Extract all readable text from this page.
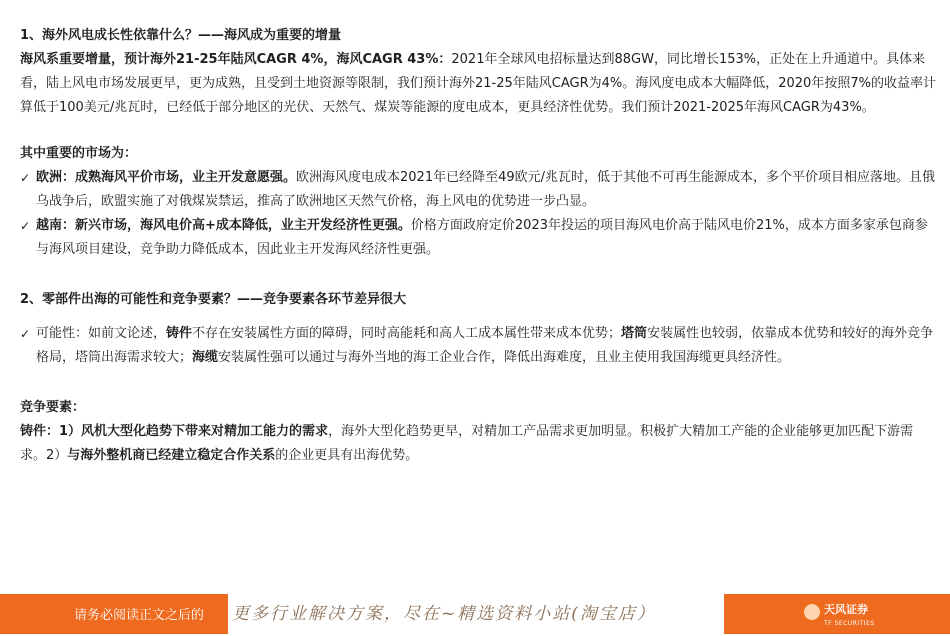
1、海外风电成长性依靠什么？——海风成为重要的增量

海风系重要增量，预计海外21-25年陆风CAGR 4%，海风CAGR 43%：2021年全球风电招标量达到88GW，同比增长153%，正处在上升通道中。具体来看，陆上风电市场发展更早，更为成熟，且受到土地资源等限制，我们预计海外21-25年陆风CAGR为4%。海风度电成本大幅降低，2020年按照7%的收益率计算低于100美元/兆瓦时，已经低于部分地区的光伏、天然气、煤炭等能源的度电成本，更具经济性优势。我们预计2021-2025年海风CAGR为43%。

其中重要的市场为：

✓ 欧洲：成熟海风平价市场，业主开发意愿强。欧洲海风度电成本2021年已经降至49欧元/兆瓦时，低于其他不可再生能源成本，多个平价项目相应落地。且俄乌战争后，欧盟实施了对俄煤炭禁运，推高了欧洲地区天然气价格，海上风电的优势进一步凸显。
✓ 越南：新兴市场，海风电价高+成本降低，业主开发经济性更强。价格方面政府定价2023年投运的项目海风电价高于陆风电价21%，成本方面多家承包商参与海风项目建设，竞争助力降低成本，因此业主开发海风经济性更强。

2、零部件出海的可能性和竞争要素？——竞争要素各环节差异很大

✓ 可能性：如前文论述，铸件不存在安装属性方面的障碍，同时高能耗和高人工成本属性带来成本优势；塔筒安装属性也较弱，依靠成本优势和较好的海外竞争格局，塔筒出海需求较大；海缆安装属性强可以通过与海外当地的海工企业合作，降低出海难度，且业主使用我国海缆更具经济性。

竞争要素：

铸件：1）风机大型化趋势下带来对精加工能力的需求，海外大型化趋势更早，对精加工产品需求更加明显。积极扩大精加工产能的企业能够更加匹配下游需求。2）与海外整机商已经建立稳定合作关系的企业更具有出海优势。

请务必阅读正文之后的 更多行业解决方案，尽在~精选资料小站(淘宝店）	天风证券
TF SECURITIES
